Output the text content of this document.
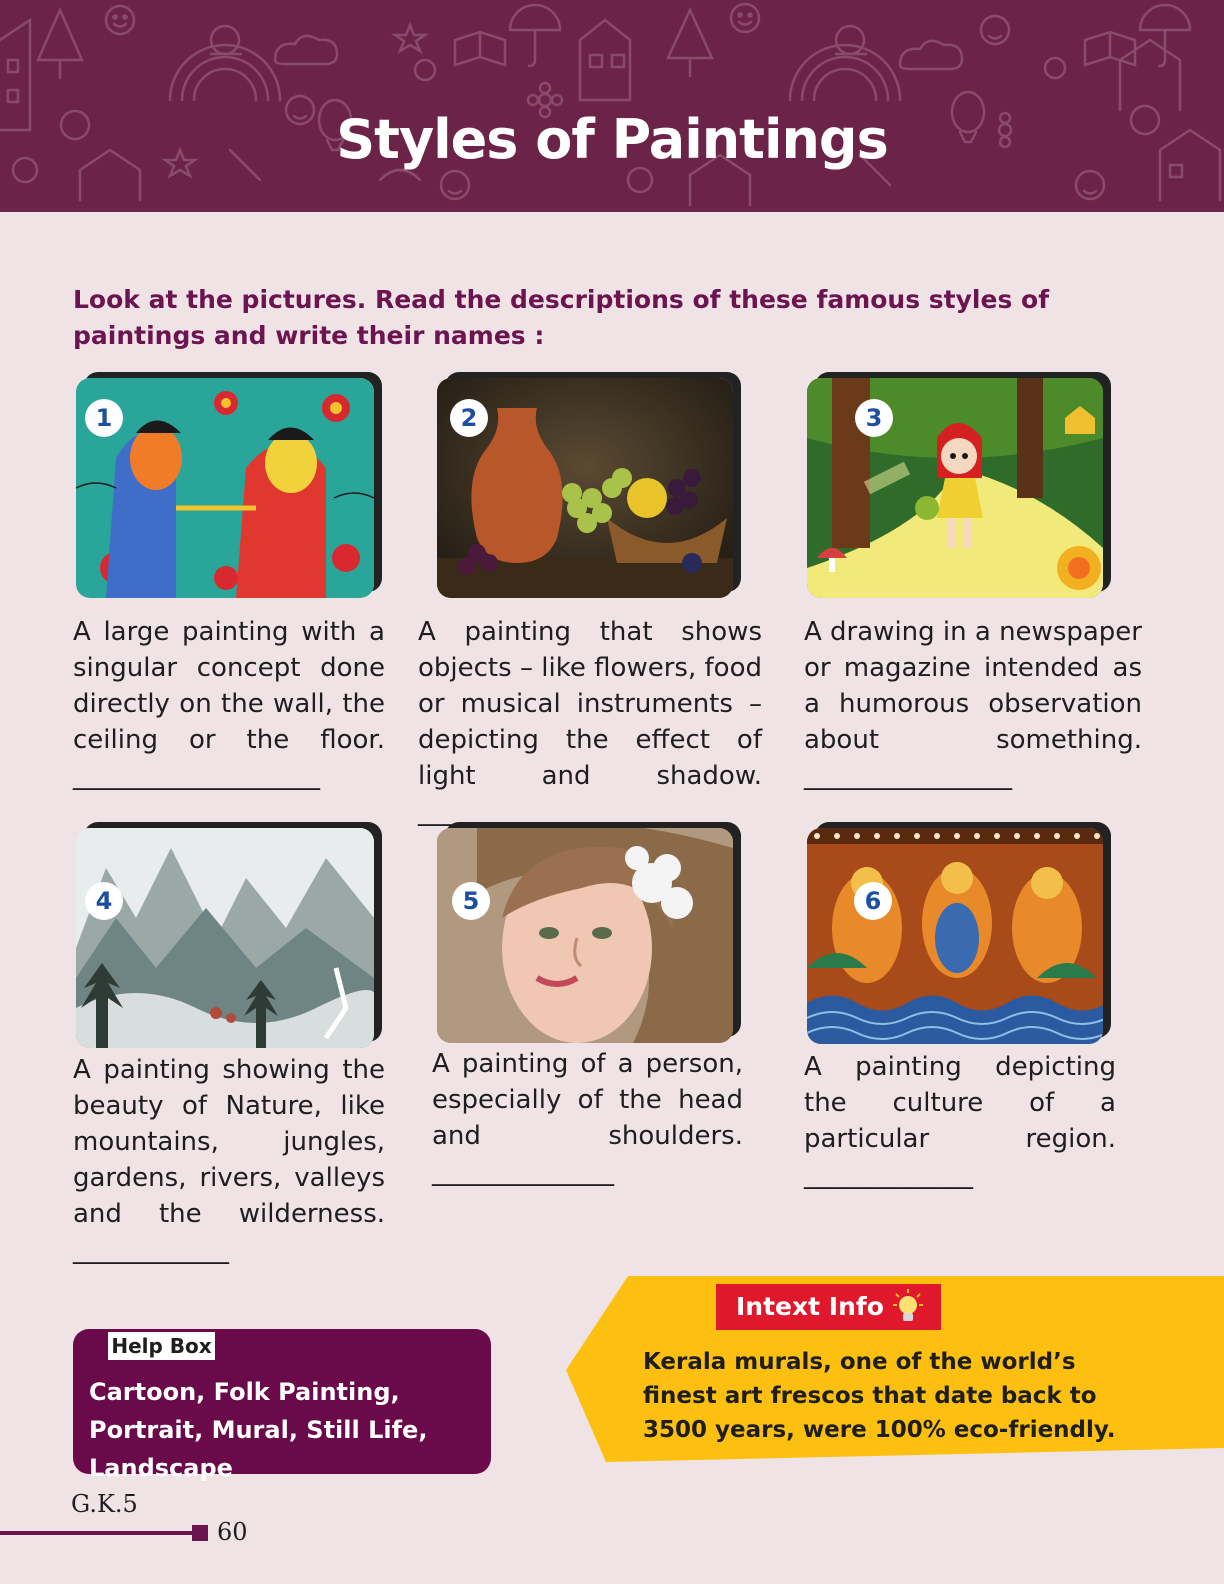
Styles of Paintings
Look at the pictures. Read the descriptions of these famous styles of paintings and write their names :
1	2	3
A large painting with a singular concept done directly on the wall, the ceiling or the floor. ___________________
A painting that shows objects – like flowers, food or musical instruments – depicting the effect of light and shadow. ____________
A drawing in a newspaper or magazine intended as a humorous observation about something. ________________
4	5	6
A painting showing the beauty of Nature, like mountains, jungles, gardens, rivers, valleys and the wilderness. ____________
A painting of a person, especially of the head and shoulders. ______________
A painting depicting the culture of a particular region. _____________
Help Box
Cartoon, Folk Painting, Portrait, Mural, Still Life, Landscape
Intext Info
Kerala murals, one of the world’s finest art frescos that date back to 3500 years, were 100% eco-friendly.
G.K.5
60
